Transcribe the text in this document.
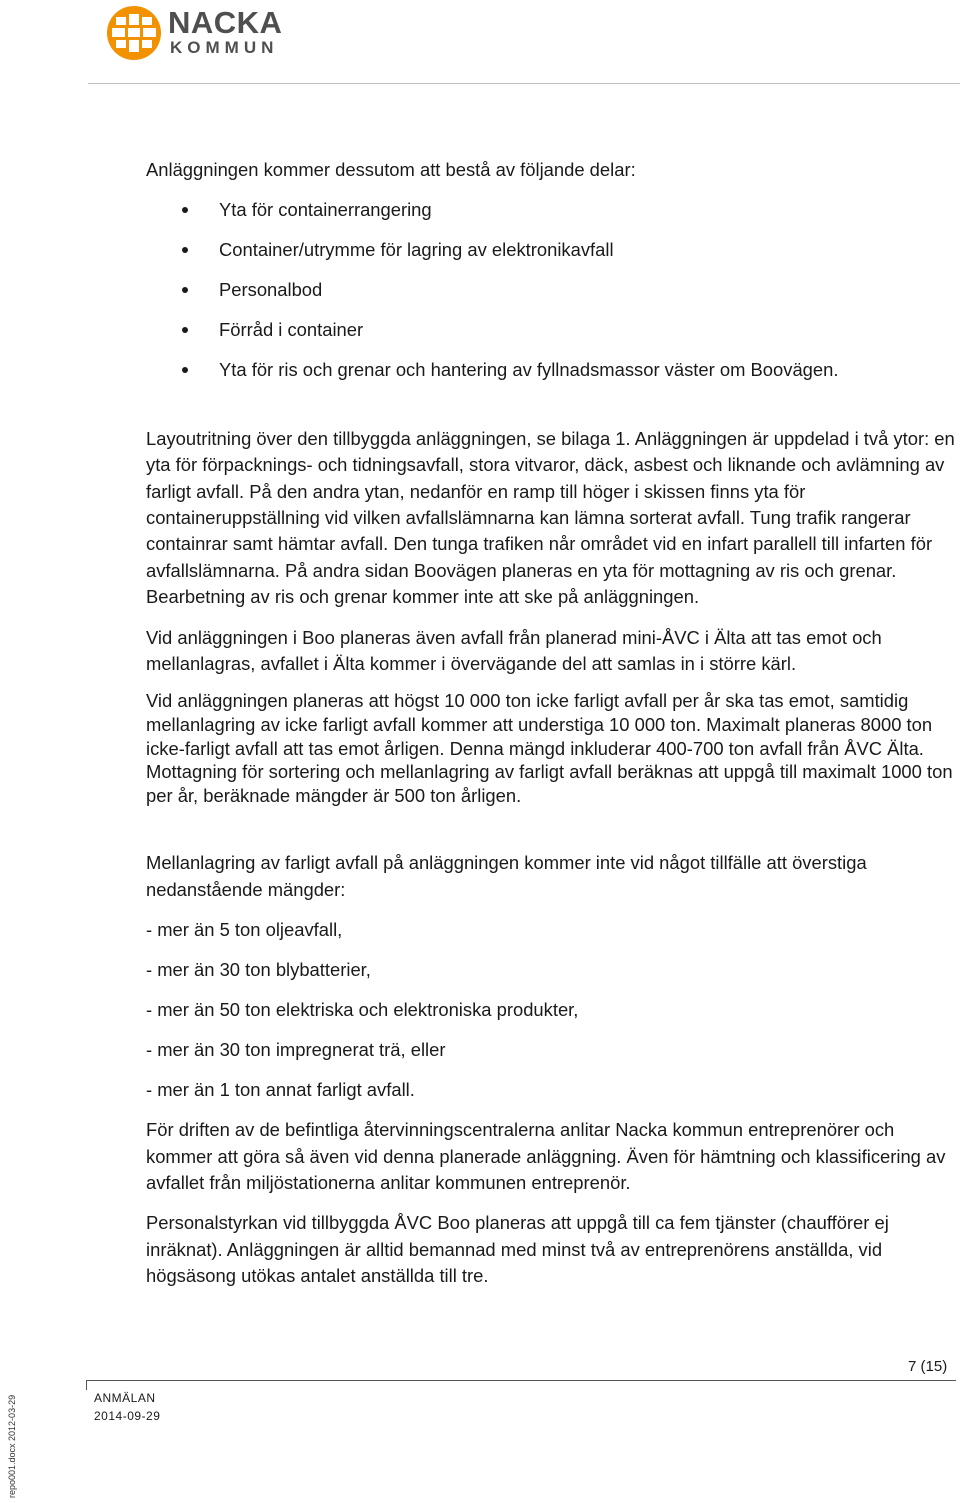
NACKA
KOMMUN

Anläggningen kommer dessutom att bestå av följande delar:

Yta för containerrangering
Container/utrymme för lagring av elektronikavfall
Personalbod
Förråd i container
Yta för ris och grenar och hantering av fyllnadsmassor väster om Boovägen.

Layoutritning över den tillbyggda anläggningen, se bilaga 1. Anläggningen är uppdelad i två ytor: en yta för förpacknings- och tidningsavfall, stora vitvaror, däck, asbest och liknande och avlämning av farligt avfall. På den andra ytan, nedanför en ramp till höger i skissen finns yta för containeruppställning vid vilken avfallslämnarna kan lämna sorterat avfall. Tung trafik rangerar containrar samt hämtar avfall. Den tunga trafiken når området vid en infart parallell till infarten för avfallslämnarna. På andra sidan Boovägen planeras en yta för mottagning av ris och grenar. Bearbetning av ris och grenar kommer inte att ske på anläggningen.

Vid anläggningen i Boo planeras även avfall från planerad mini-ÅVC i Älta att tas emot och mellanlagras, avfallet i Älta kommer i övervägande del att samlas in i större kärl.

Vid anläggningen planeras att högst 10 000 ton icke farligt avfall per år ska tas emot, samtidig mellanlagring av icke farligt avfall kommer att understiga 10 000 ton. Maximalt planeras 8000 ton icke-farligt avfall att tas emot årligen. Denna mängd inkluderar 400-700 ton avfall från ÅVC Älta. Mottagning för sortering och mellanlagring av farligt avfall beräknas att uppgå till maximalt 1000 ton per år, beräknade mängder är 500 ton årligen.

Mellanlagring av farligt avfall på anläggningen kommer inte vid något tillfälle att överstiga nedanstående mängder:

- mer än 5 ton oljeavfall,

- mer än 30 ton blybatterier,

- mer än 50 ton elektriska och elektroniska produkter,

- mer än 30 ton impregnerat trä, eller

- mer än 1 ton annat farligt avfall.

För driften av de befintliga återvinningscentralerna anlitar Nacka kommun entreprenörer och kommer att göra så även vid denna planerade anläggning. Även för hämtning och klassificering av avfallet från miljöstationerna anlitar kommunen entreprenör.

Personalstyrkan vid tillbyggda ÅVC Boo planeras att uppgå till ca fem tjänster (chaufförer ej inräknat). Anläggningen är alltid bemannad med minst två av entreprenörens anställda, vid högsäsong utökas antalet anställda till tre.

7 (15)
ANMÄLAN
2014-09-29
repo001.docx 2012-03-29
